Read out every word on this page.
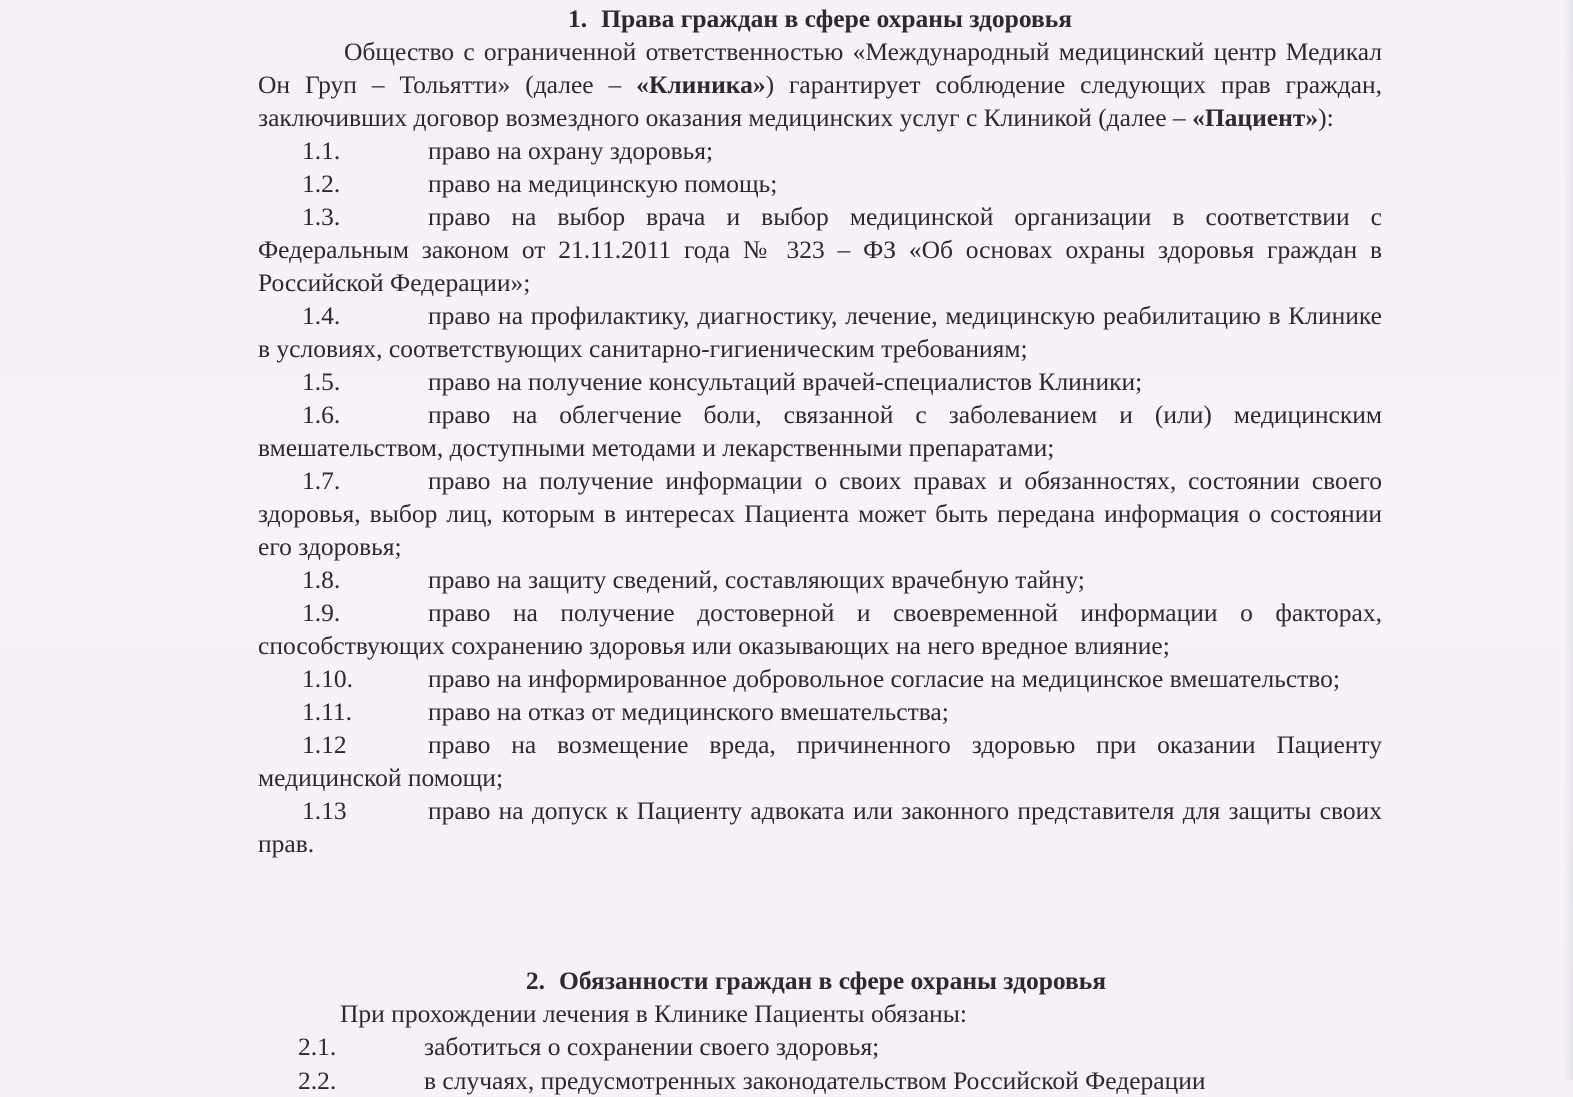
1. Права граждан в сфере охраны здоровья
Общество с ограниченной ответственностью «Международный медицинский центр Медикал Он Груп – Тольятти» (далее – «Клиника») гарантирует соблюдение следующих прав граждан, заключивших договор возмездного оказания медицинских услуг с Клиникой (далее – «Пациент»):
1.1.	право на охрану здоровья;
1.2.	право на медицинскую помощь;
1.3.	право на выбор врача и выбор медицинской организации в соответствии с Федеральным законом от 21.11.2011 года № 323 – ФЗ «Об основах охраны здоровья граждан в Российской Федерации»;
1.4.	право на профилактику, диагностику, лечение, медицинскую реабилитацию в Клинике в условиях, соответствующих санитарно-гигиеническим требованиям;
1.5.	право на получение консультаций врачей-специалистов Клиники;
1.6.	право на облегчение боли, связанной с заболеванием и (или) медицинским вмешательством, доступными методами и лекарственными препаратами;
1.7.	право на получение информации о своих правах и обязанностях, состоянии своего здоровья, выбор лиц, которым в интересах Пациента может быть передана информация о состоянии его здоровья;
1.8.	право на защиту сведений, составляющих врачебную тайну;
1.9.	право на получение достоверной и своевременной информации о факторах, способствующих сохранению здоровья или оказывающих на него вредное влияние;
1.10.	право на информированное добровольное согласие на медицинское вмешательство;
1.11.	право на отказ от медицинского вмешательства;
1.12	право на возмещение вреда, причиненного здоровью при оказании Пациенту медицинской помощи;
1.13	право на допуск к Пациенту адвоката или законного представителя для защиты своих прав.
2. Обязанности граждан в сфере охраны здоровья
При прохождении лечения в Клинике Пациенты обязаны:
2.1.	заботиться о сохранении своего здоровья;
2.2.	в случаях, предусмотренных законодательством Российской Федерации
